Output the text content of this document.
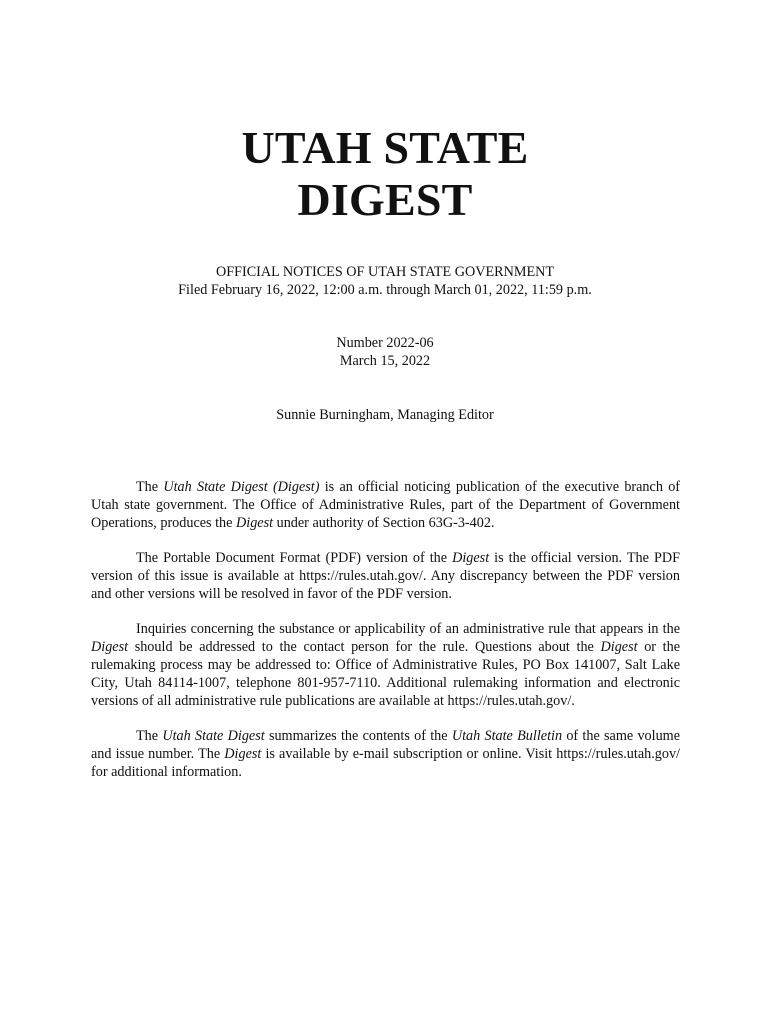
UTAH STATE
DIGEST
OFFICIAL NOTICES OF UTAH STATE GOVERNMENT
Filed February 16, 2022, 12:00 a.m. through March 01, 2022, 11:59 p.m.
Number 2022-06
March 15, 2022
Sunnie Burningham, Managing Editor

The Utah State Digest (Digest) is an official noticing publication of the executive branch of Utah state government. The Office of Administrative Rules, part of the Department of Government Operations, produces the Digest under authority of Section 63G-3-402.

The Portable Document Format (PDF) version of the Digest is the official version. The PDF version of this issue is available at https://rules.utah.gov/. Any discrepancy between the PDF version and other versions will be resolved in favor of the PDF version.

Inquiries concerning the substance or applicability of an administrative rule that appears in the Digest should be addressed to the contact person for the rule. Questions about the Digest or the rulemaking process may be addressed to: Office of Administrative Rules, PO Box 141007, Salt Lake City, Utah 84114-1007, telephone 801-957-7110. Additional rulemaking information and electronic versions of all administrative rule publications are available at https://rules.utah.gov/.

The Utah State Digest summarizes the contents of the Utah State Bulletin of the same volume and issue number. The Digest is available by e-mail subscription or online. Visit https://rules.utah.gov/ for additional information.
